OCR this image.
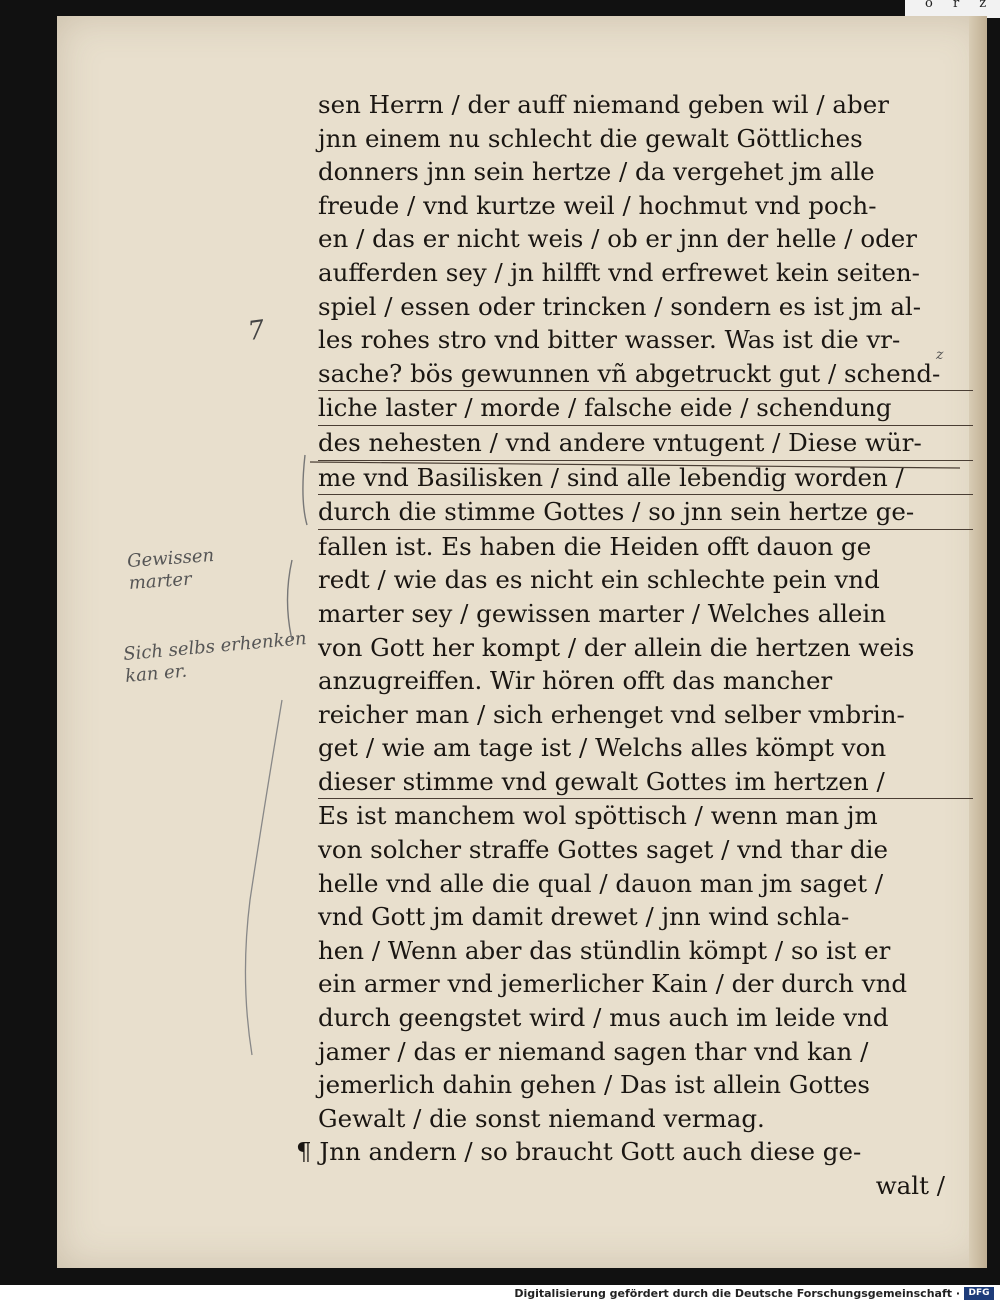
o r z
sen Herrn / der auff niemand geben wil / aber
jnn einem nu schlecht die gewalt Göttliches
donners jnn sein hertze / da vergehet jm alle
freude / vnd kurtze weil / hochmut vnd poch-
en / das er nicht weis / ob er jnn der helle / oder
aufferden sey / jn hilfft vnd erfrewet kein seiten-
spiel / essen oder trincken / sondern es ist jm al-
les rohes stro vnd bitter wasser. Was ist die vr-
sache? bös gewunnen vñ abgetruckt gut / schend-
liche laster / morde / falsche eide / schendung
des nehesten / vnd andere vntugent / Diese wür-
me vnd Basilisken / sind alle lebendig worden /
durch die stimme Gottes / so jnn sein hertze ge-
fallen ist. Es haben die Heiden offt dauon ge
redt / wie das es nicht ein schlechte pein vnd
marter sey / gewissen marter / Welches allein
von Gott her kompt / der allein die hertzen weis
anzugreiffen. Wir hören offt das mancher
reicher man / sich erhenget vnd selber vmbrin-
get / wie am tage ist / Welchs alles kömpt von
dieser stimme vnd gewalt Gottes im hertzen /
Es ist manchem wol spöttisch / wenn man jm
von solcher straffe Gottes saget / vnd thar die
helle vnd alle die qual / dauon man jm saget /
vnd Gott jm damit drewet / jnn wind schla-
hen / Wenn aber das stündlin kömpt / so ist er
ein armer vnd jemerlicher Kain / der durch vnd
durch geengstet wird / mus auch im leide vnd
jamer / das er niemand sagen thar vnd kan /
jemerlich dahin gehen / Das ist allein Gottes
Gewalt / die sonst niemand vermag.
¶ Jnn andern / so braucht Gott auch diese ge-
walt /
7
Gewissen
marter
Sich selbs erhenken
kan er.
z
Digitalisierung gefördert durch die Deutsche Forschungsgemeinschaft · DFG
